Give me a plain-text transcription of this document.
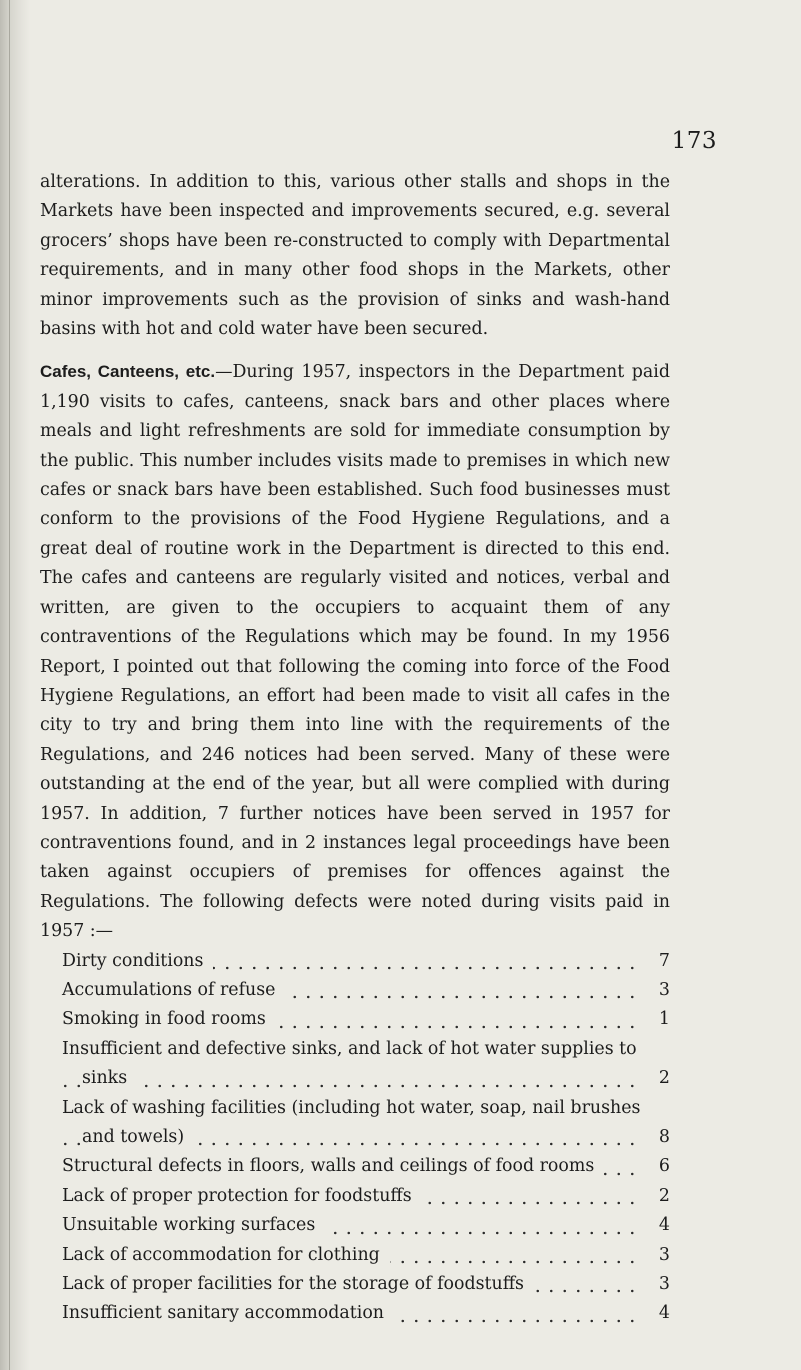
173

alterations. In addition to this, various other stalls and shops in the Markets have been inspected and improvements secured, e.g. several grocers’ shops have been re-constructed to comply with Departmental requirements, and in many other food shops in the Markets, other minor improvements such as the provision of sinks and wash-hand basins with hot and cold water have been secured.

Cafes, Canteens, etc.—During 1957, inspectors in the Department paid 1,190 visits to cafes, canteens, snack bars and other places where meals and light refreshments are sold for immediate consumption by the public. This number includes visits made to premises in which new cafes or snack bars have been established. Such food businesses must conform to the provisions of the Food Hygiene Regulations, and a great deal of routine work in the Department is directed to this end. The cafes and canteens are regularly visited and notices, verbal and written, are given to the occupiers to acquaint them of any contraventions of the Regulations which may be found. In my 1956 Report, I pointed out that following the coming into force of the Food Hygiene Regulations, an effort had been made to visit all cafes in the city to try and bring them into line with the requirements of the Regulations, and 246 notices had been served. Many of these were outstanding at the end of the year, but all were complied with during 1957. In addition, 7 further notices have been served in 1957 for contraventions found, and in 2 instances legal proceedings have been taken against occupiers of premises for offences against the Regulations. The following defects were noted during visits paid in 1957 :—

Dirty conditions	7
Accumulations of refuse	3
Smoking in food rooms	1
Insufficient and defective sinks, and lack of hot water supplies to sinks	2
Lack of washing facilities (including hot water, soap, nail brushes and towels)	8
Structural defects in floors, walls and ceilings of food rooms	6
Lack of proper protection for foodstuffs	2
Unsuitable working surfaces	4
Lack of accommodation for clothing	3
Lack of proper facilities for the storage of foodstuffs	3
Insufficient sanitary accommodation	4
